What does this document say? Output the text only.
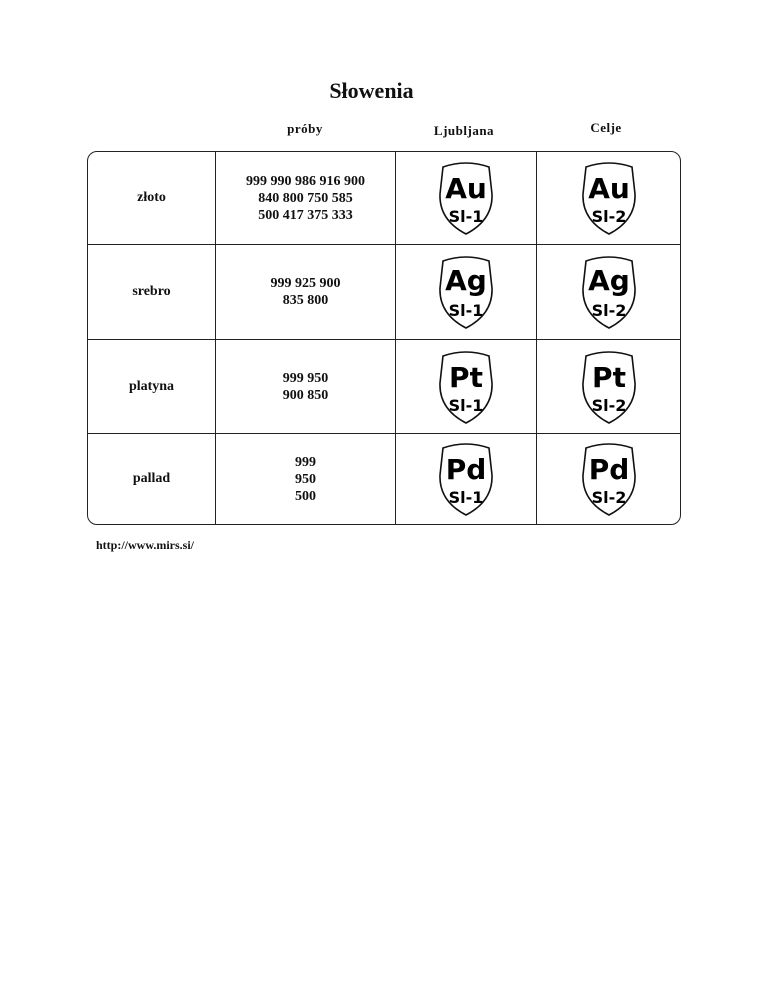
Słowenia
próby	Ljubljana	Celje
złoto
999 990 986 916 900
840 800 750 585
500 417 375 333
Au
Sl-1
Au
Sl-2
srebro
999 925 900
835 800
Ag
Sl-1
Ag
Sl-2
platyna
999 950
900 850
Pt
Sl-1
Pt
Sl-2
pallad
999
950
500
Pd
Sl-1
Pd
Sl-2
http://www.mirs.si/
